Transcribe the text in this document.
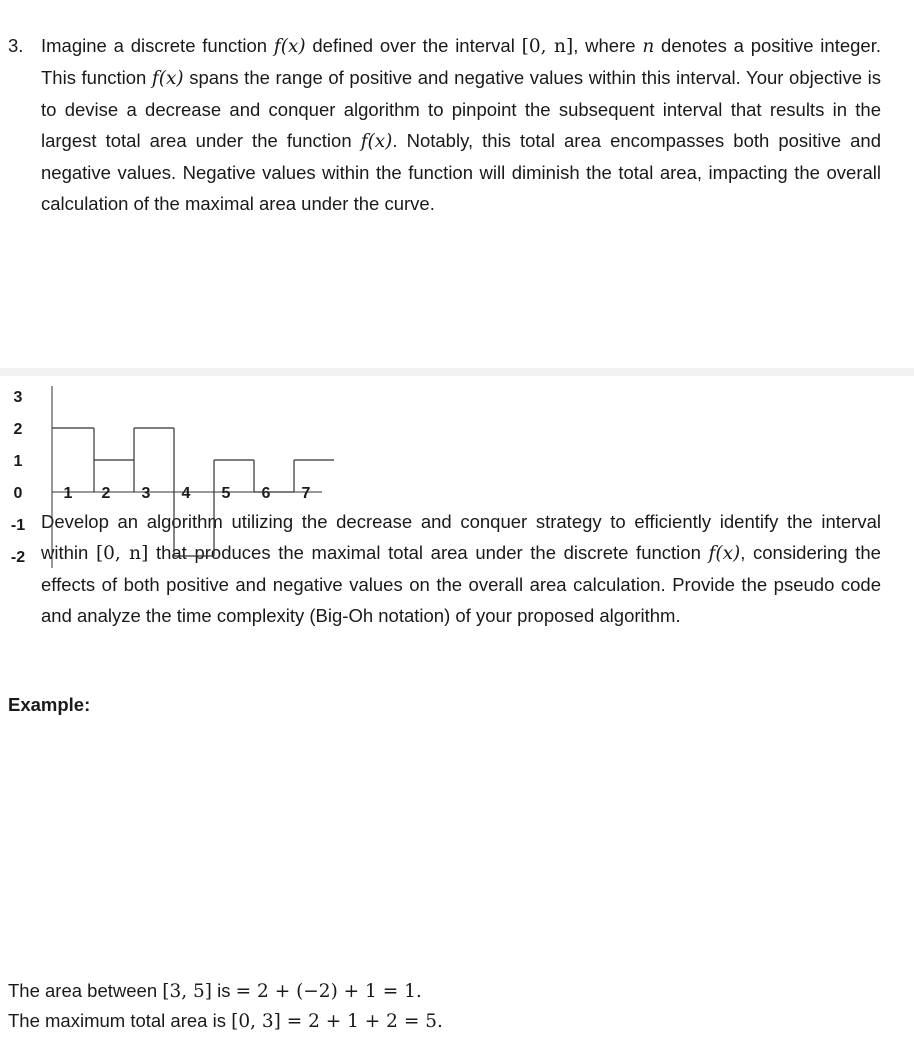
3. Imagine a discrete function f(x) defined over the interval [0, n], where n denotes a positive integer. This function f(x) spans the range of positive and negative values within this interval. Your objective is to devise a decrease and conquer algorithm to pinpoint the subsequent interval that results in the largest total area under the function f(x). Notably, this total area encompasses both positive and negative values. Negative values within the function will diminish the total area, impacting the overall calculation of the maximal area under the curve.

Develop an algorithm utilizing the decrease and conquer strategy to efficiently identify the interval within [0, n] that produces the maximal total area under the discrete function f(x), considering the effects of both positive and negative values on the overall area calculation. Provide the pseudo code and analyze the time complexity (Big-Oh notation) of your proposed algorithm.

Example:
The area between [3, 5] is = 2 + (−2) + 1 = 1.
The maximum total area is [0, 3] = 2 + 1 + 2 = 5.
3
2
1
0
-1
-2
1 2 3 4 5 6 7
